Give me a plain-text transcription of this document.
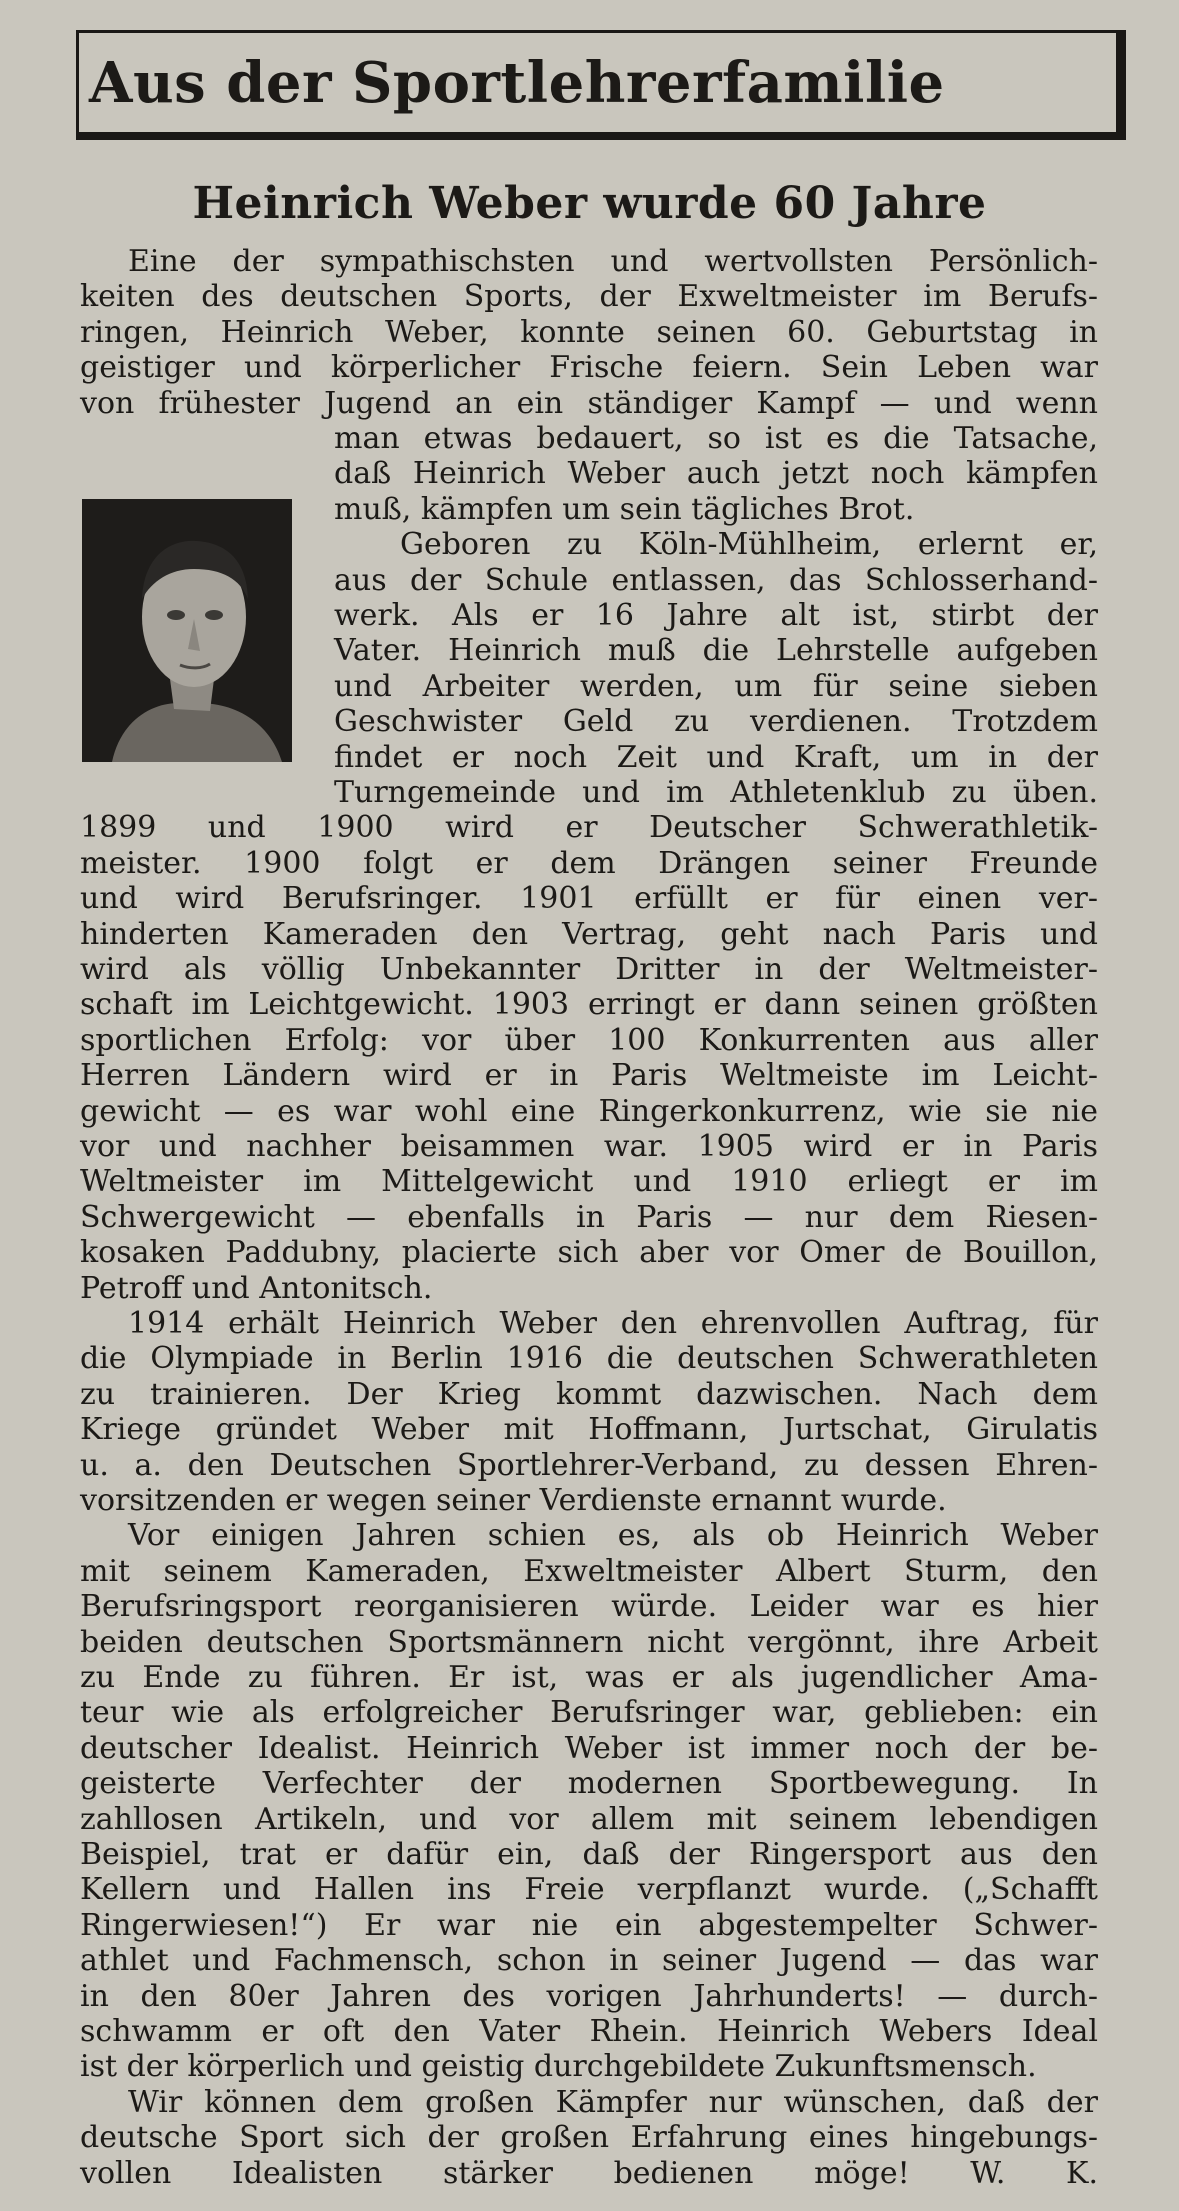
Aus der Sportlehrerfamilie
Heinrich Weber wurde 60 Jahre
Eine der sympathischsten und wertvollsten Persönlich-
keiten des deutschen Sports, der Exweltmeister im Berufs-
ringen, Heinrich Weber, konnte seinen 60. Geburtstag in
geistiger und körperlicher Frische feiern. Sein Leben war
von frühester Jugend an ein ständiger Kampf — und wenn
man etwas bedauert, so ist es die Tatsache,
daß Heinrich Weber auch jetzt noch kämpfen
muß, kämpfen um sein tägliches Brot.
Geboren zu Köln-Mühlheim, erlernt er,
aus der Schule entlassen, das Schlosserhand-
werk. Als er 16 Jahre alt ist, stirbt der
Vater. Heinrich muß die Lehrstelle aufgeben
und Arbeiter werden, um für seine sieben
Geschwister Geld zu verdienen. Trotzdem
findet er noch Zeit und Kraft, um in der
Turngemeinde und im Athletenklub zu üben.
1899 und 1900 wird er Deutscher Schwerathletik-
meister. 1900 folgt er dem Drängen seiner Freunde
und wird Berufsringer. 1901 erfüllt er für einen ver-
hinderten Kameraden den Vertrag, geht nach Paris und
wird als völlig Unbekannter Dritter in der Weltmeister-
schaft im Leichtgewicht. 1903 erringt er dann seinen größten
sportlichen Erfolg: vor über 100 Konkurrenten aus aller
Herren Ländern wird er in Paris Weltmeiste im Leicht-
gewicht — es war wohl eine Ringerkonkurrenz, wie sie nie
vor und nachher beisammen war. 1905 wird er in Paris
Weltmeister im Mittelgewicht und 1910 erliegt er im
Schwergewicht — ebenfalls in Paris — nur dem Riesen-
kosaken Paddubny, placierte sich aber vor Omer de Bouillon,
Petroff und Antonitsch.
1914 erhält Heinrich Weber den ehrenvollen Auftrag, für
die Olympiade in Berlin 1916 die deutschen Schwerathleten
zu trainieren. Der Krieg kommt dazwischen. Nach dem
Kriege gründet Weber mit Hoffmann, Jurtschat, Girulatis
u. a. den Deutschen Sportlehrer-Verband, zu dessen Ehren-
vorsitzenden er wegen seiner Verdienste ernannt wurde.
Vor einigen Jahren schien es, als ob Heinrich Weber
mit seinem Kameraden, Exweltmeister Albert Sturm, den
Berufsringsport reorganisieren würde. Leider war es hier
beiden deutschen Sportsmännern nicht vergönnt, ihre Arbeit
zu Ende zu führen. Er ist, was er als jugendlicher Ama-
teur wie als erfolgreicher Berufsringer war, geblieben: ein
deutscher Idealist. Heinrich Weber ist immer noch der be-
geisterte Verfechter der modernen Sportbewegung. In
zahllosen Artikeln, und vor allem mit seinem lebendigen
Beispiel, trat er dafür ein, daß der Ringersport aus den
Kellern und Hallen ins Freie verpflanzt wurde. („Schafft
Ringerwiesen!“) Er war nie ein abgestempelter Schwer-
athlet und Fachmensch, schon in seiner Jugend — das war
in den 80er Jahren des vorigen Jahrhunderts! — durch-
schwamm er oft den Vater Rhein. Heinrich Webers Ideal
ist der körperlich und geistig durchgebildete Zukunftsmensch.
Wir können dem großen Kämpfer nur wünschen, daß der
deutsche Sport sich der großen Erfahrung eines hingebungs-
vollen Idealisten stärker bedienen möge! W. K.
